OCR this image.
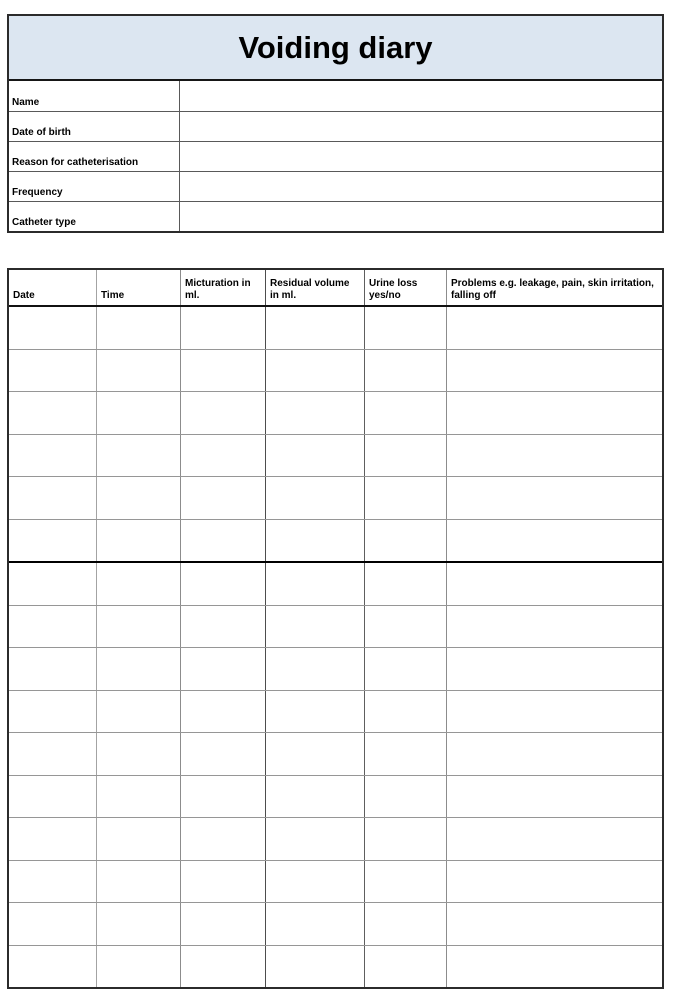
Voiding diary
Name
Date of birth
Reason for catheterisation
Frequency
Catheter type
Date	Time
Micturation in ml.
Residual volume in ml.
Urine loss yes/no
Problems e.g. leakage, pain, skin irritation, falling off
